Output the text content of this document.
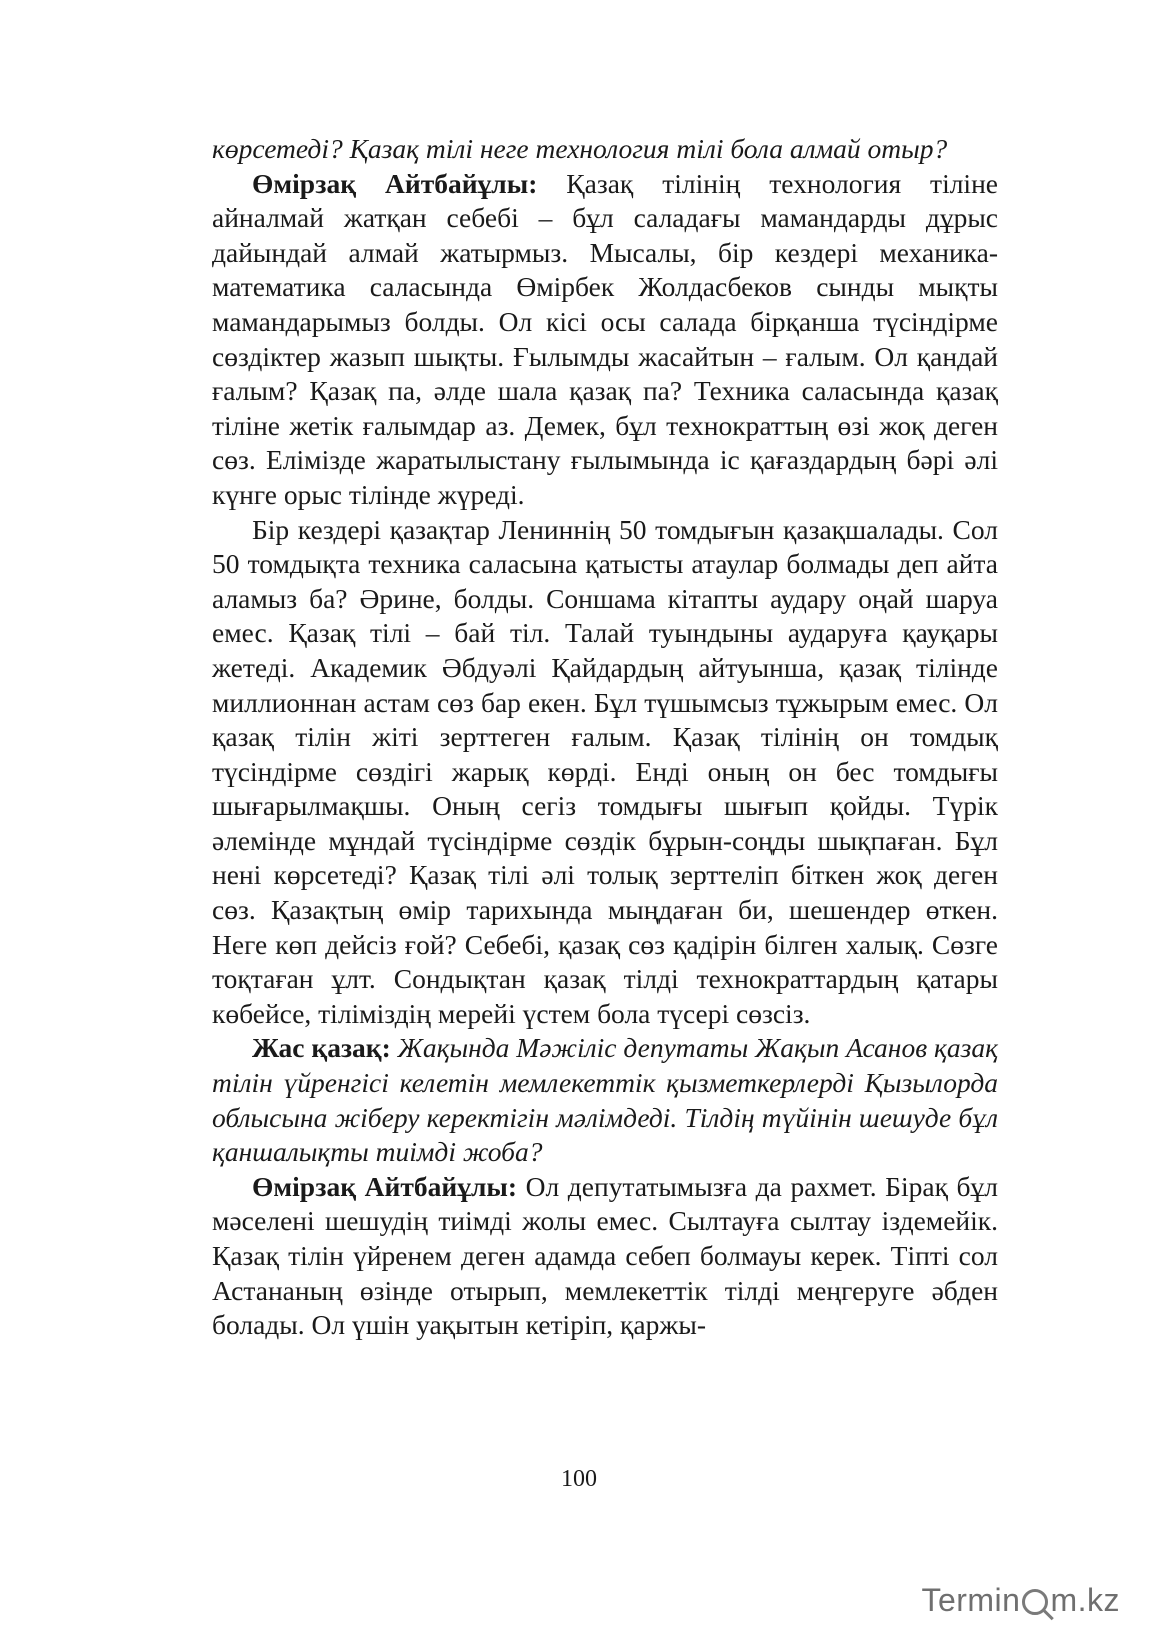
көрсетеді? Қазақ тілі неге технология тілі бола алмай отыр?

Өмірзақ Айтбайұлы: Қазақ тілінің технология тіліне айналмай жатқан себебі – бұл саладағы мамандарды дұрыс дайындай алмай жатырмыз. Мысалы, бір кездері механика-математика саласында Өмірбек Жолдасбеков сынды мықты мамандарымыз болды. Ол кісі осы салада бірқанша түсіндірме сөздіктер жазып шықты. Ғылымды жасайтын – ғалым. Ол қандай ғалым? Қазақ па, әлде шала қазақ па? Техника саласында қазақ тіліне жетік ғалымдар аз. Демек, бұл технократтың өзі жоқ деген сөз. Елімізде жаратылыстану ғылымында іс қағаздардың бәрі әлі күнге орыс тілінде жүреді.

Бір кездері қазақтар Лениннің 50 томдығын қазақшалады. Сол 50 томдықта техника саласына қатысты атаулар болмады деп айта аламыз ба? Әрине, болды. Соншама кітапты аудару оңай шаруа емес. Қазақ тілі – бай тіл. Талай туындыны аударуға қауқары жетеді. Академик Әбдуәлі Қайдардың айтуынша, қазақ тілінде миллионнан астам сөз бар екен. Бұл түшымсыз тұжырым емес. Ол қазақ тілін жіті зерттеген ғалым. Қазақ тілінің он томдық түсіндірме сөздігі жарық көрді. Енді оның он бес томдығы шығарылмақшы. Оның сегіз томдығы шығып қойды. Түрік әлемінде мұндай түсіндірме сөздік бұрын-соңды шықпаған. Бұл нені көрсетеді? Қазақ тілі әлі толық зерттеліп біткен жоқ деген сөз. Қазақтың өмір тарихында мыңдаған би, шешендер өткен. Неге көп дейсіз ғой? Себебі, қазақ сөз қадірін білген халық. Сөзге тоқтаған ұлт. Сондықтан қазақ тілді технократтардың қатары көбейсе, тіліміздің мерейі үстем бола түсері сөзсіз.

Жас қазақ: Жақында Мәжіліс депутаты Жақып Асанов қазақ тілін үйренгісі келетін мемлекеттік қызметкерлерді Қызылорда облысына жіберу керектігін мәлімдеді. Тілдің түйінін шешуде бұл қаншалықты тиімді жоба?

Өмірзақ Айтбайұлы: Ол депутатымызға да рахмет. Бірақ бұл мәселені шешудің тиімді жолы емес. Сылтауға сылтау іздемейік. Қазақ тілін үйренем деген адамда себеп болмауы керек. Тіпті сол Астананың өзінде отырып, мемлекеттік тілді меңгеруге әбден болады. Ол үшін уақытын кетіріп, қаржы-

100
Termin m.kz
